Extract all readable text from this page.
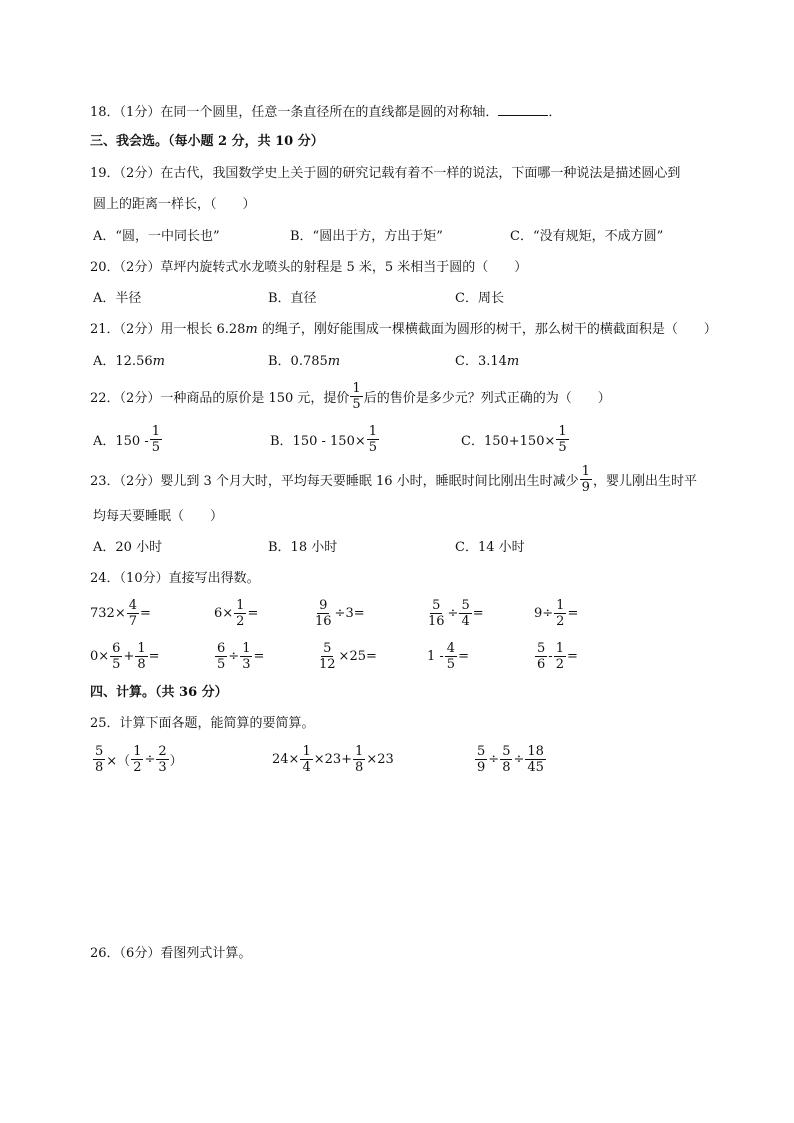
18．（1分）在同一个圆里，任意一条直径所在的直线都是圆的对称轴．	．
三、我会选。（每小题 2 分，共 10 分）
19．（2分）在古代，我国数学史上关于圆的研究记载有着不一样的说法，下面哪一种说法是描述圆心到
圆上的距离一样长，（　　）
A．“圆，一中同长也”	B．“圆出于方，方出于矩”	C．“没有规矩，不成方圆”
20．（2分）草坪内旋转式水龙喷头的射程是 5 米，5 米相当于圆的（　　）
A．半径	B．直径	C．周长
21．（2分）用一根长 6.28m 的绳子，刚好能围成一棵横截面为圆形的树干，那么树干的横截面积是（　　）
A．12.56m	B．0.785m	C．3.14m
22．（2分）一种商品的原价是 150 元，提价 $\frac{1}{5}$ 后的售价是多少元？列式正确的为（　　）
A．$150 - \frac{1}{5}$	B．$150 - 150\times \frac{1}{5}$	C．$150+150\times \frac{1}{5}$
23．（2分）婴儿到 3 个月大时，平均每天要睡眠 16 小时，睡眠时间比刚出生时减少 $\frac{1}{9}$ ，婴儿刚出生时平
均每天要睡眠（　　）
A．20 小时	B．18 小时	C．14 小时
24．（10分）直接写出得数。
$732\times \frac{4}{7}$ =	$6\times \frac{1}{2}$ =	$\frac{9}{16} \div 3=$	$\frac{5}{16} \div \frac{5}{4}$ =	$9\div \frac{1}{2}$ =
$0\times \frac{6}{5} + \frac{1}{8}$ =	$\frac{6}{5} \div \frac{1}{3}$ =	$\frac{5}{12} \times 25=$	$1 - \frac{4}{5}$ =	$\frac{5}{6} - \frac{1}{2}$ =
四、计算。（共 36 分）
25．计算下面各题，能简算的要简算。
$\frac{5}{8}$ ×（ $\frac{1}{2} \div \frac{2}{3}$ ）	$24\times \frac{1}{4} \times 23+ \frac{1}{8} \times 23$	$\frac{5}{9} \div \frac{5}{8} \div \frac{18}{45}$
26．（6分）看图列式计算。
